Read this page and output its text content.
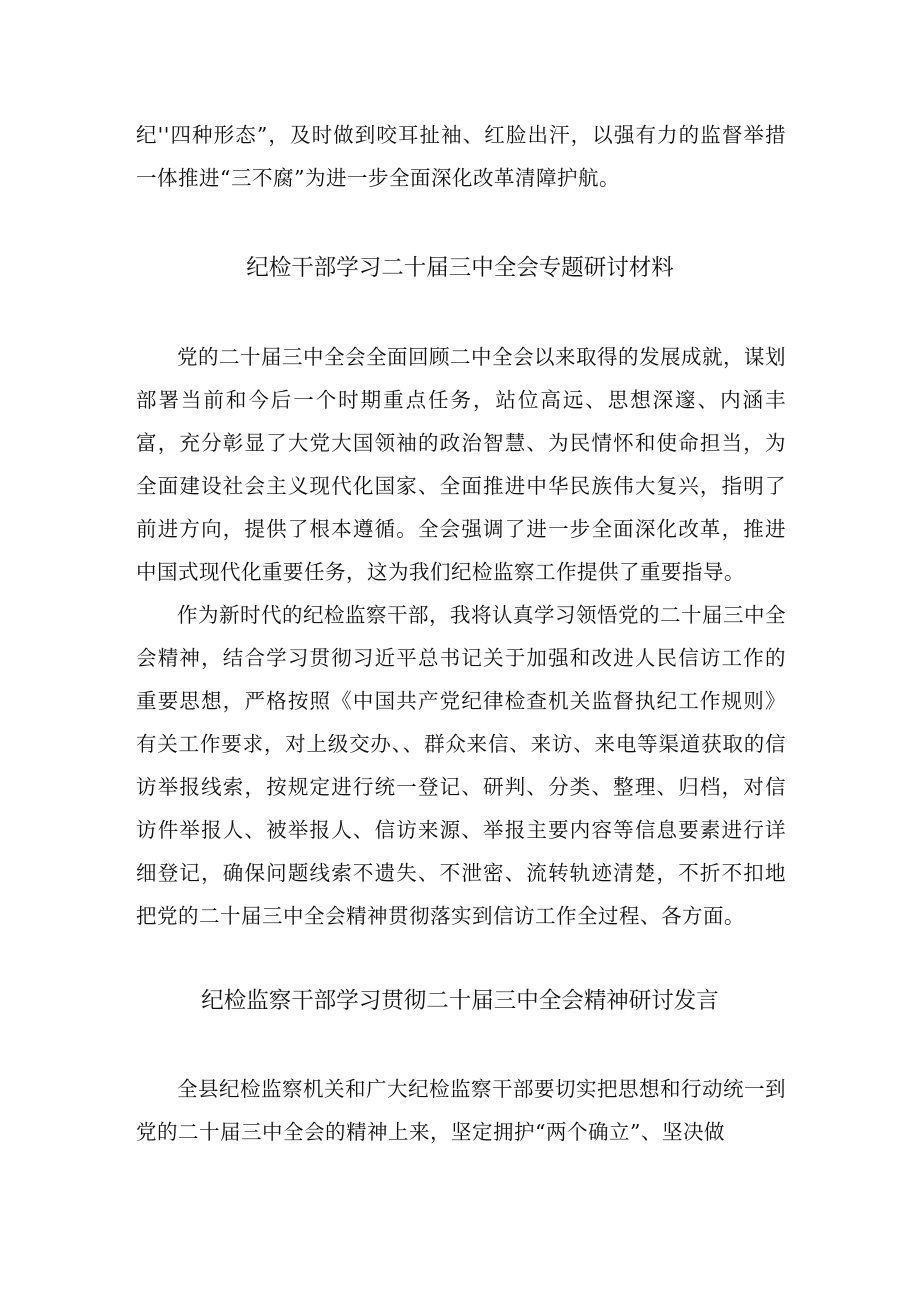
纪''四种形态”，及时做到咬耳扯袖、红脸出汗，以强有力的监督举措一体推进“三不腐”为进一步全面深化改革清障护航。

纪检干部学习二十届三中全会专题研讨材料

党的二十届三中全会全面回顾二中全会以来取得的发展成就，谋划部署当前和今后一个时期重点任务，站位高远、思想深邃、内涵丰富，充分彰显了大党大国领袖的政治智慧、为民情怀和使命担当，为全面建设社会主义现代化国家、全面推进中华民族伟大复兴，指明了前进方向，提供了根本遵循。全会强调了进一步全面深化改革，推进中国式现代化重要任务，这为我们纪检监察工作提供了重要指导。

作为新时代的纪检监察干部，我将认真学习领悟党的二十届三中全会精神，结合学习贯彻习近平总书记关于加强和改进人民信访工作的重要思想，严格按照《中国共产党纪律检查机关监督执纪工作规则》有关工作要求，对上级交办、、群众来信、来访、来电等渠道获取的信访举报线索，按规定进行统一登记、研判、分类、整理、归档，对信访件举报人、被举报人、信访来源、举报主要内容等信息要素进行详细登记，确保问题线索不遗失、不泄密、流转轨迹清楚，不折不扣地把党的二十届三中全会精神贯彻落实到信访工作全过程、各方面。

纪检监察干部学习贯彻二十届三中全会精神研讨发言

全县纪检监察机关和广大纪检监察干部要切实把思想和行动统一到党的二十届三中全会的精神上来，坚定拥护“两个确立”、坚决做
